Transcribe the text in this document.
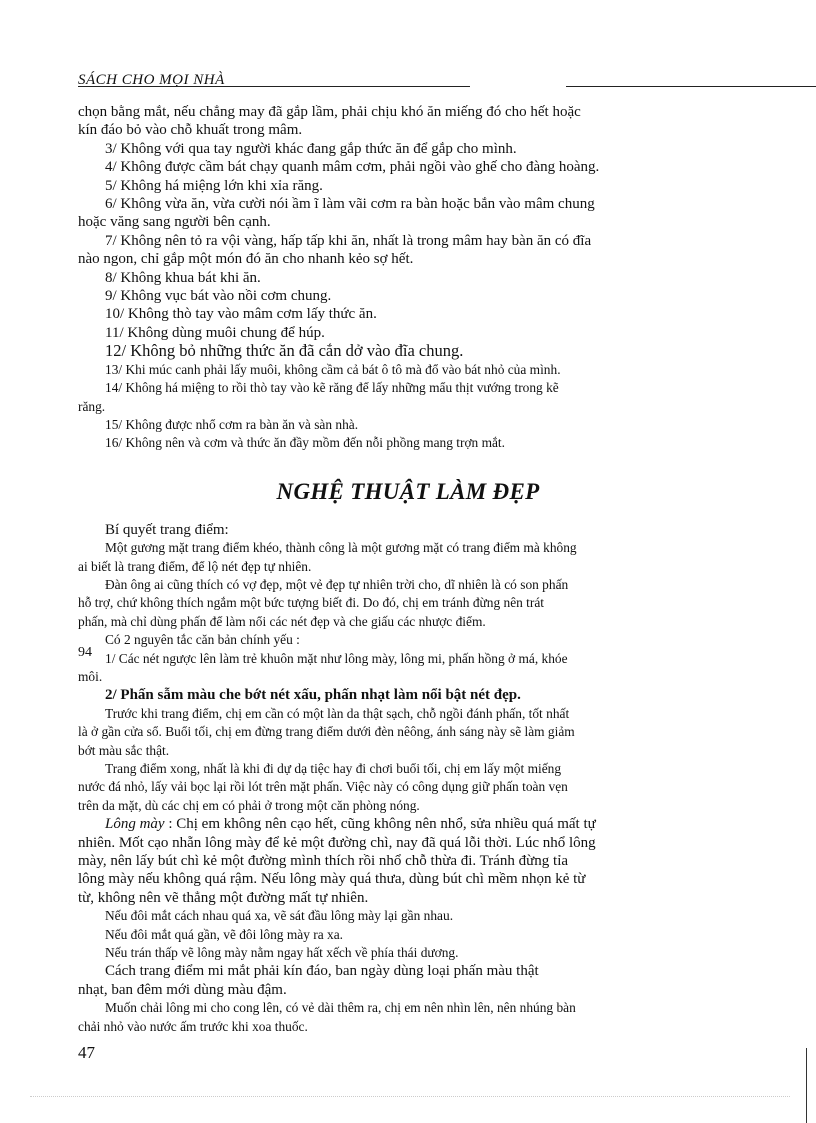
SÁCH CHO MỌI NHÀ
chọn bằng mắt, nếu chẳng may đã gắp lầm, phải chịu khó ăn miếng đó cho hết hoặc
kín đáo bỏ vào chỗ khuất trong mâm.
3/ Không với qua tay người khác đang gắp thức ăn để gắp cho mình.
4/ Không được cầm bát chạy quanh mâm cơm, phải ngồi vào ghế cho đàng hoàng.
5/ Không há miệng lớn khi xỉa răng.
6/ Không vừa ăn, vừa cười nói ầm ĩ làm vãi cơm ra bàn hoặc bắn vào mâm chung
hoặc văng sang người bên cạnh.
7/ Không nên tỏ ra vội vàng, hấp tấp khi ăn, nhất là trong mâm hay bàn ăn có đĩa
nào ngon, chỉ gắp một món đó ăn cho nhanh kẻo sợ hết.
8/ Không khua bát khi ăn.
9/ Không vục bát vào nồi cơm chung.
10/ Không thò tay vào mâm cơm lấy thức ăn.
11/ Không dùng muôi chung để húp.
12/ Không bỏ những thức ăn đã cắn dở vào đĩa chung.
13/ Khi múc canh phải lấy muôi, không cầm cả bát ô tô mà đổ vào bát nhỏ của mình.
14/ Không há miệng to rồi thò tay vào kẽ răng để lấy những mẩu thịt vướng trong kẽ
răng.
15/ Không được nhổ cơm ra bàn ăn và sàn nhà.
16/ Không nên và cơm và thức ăn đầy mồm đến nỗi phồng mang trợn mắt.
NGHỆ THUẬT LÀM ĐẸP
Bí quyết trang điểm:
Một gương mặt trang điểm khéo, thành công là một gương mặt có trang điểm mà không
ai biết là trang điểm, để lộ nét đẹp tự nhiên.
Đàn ông ai cũng thích có vợ đẹp, một vẻ đẹp tự nhiên trời cho, dĩ nhiên là có son phấn
hỗ trợ, chứ không thích ngắm một bức tượng biết đi. Do đó, chị em tránh đừng nên trát
phấn, mà chỉ dùng phấn để làm nổi các nét đẹp và che giấu các nhược điểm.
Có 2 nguyên tắc căn bản chính yếu :
1/ Các nét ngược lên làm trẻ khuôn mặt như lông mày, lông mi, phấn hồng ở má, khóe
môi.
2/ Phấn sẫm màu che bớt nét xấu, phấn nhạt làm nổi bật nét đẹp.
Trước khi trang điểm, chị em cần có một làn da thật sạch, chỗ ngồi đánh phấn, tốt nhất
là ở gần cửa sổ. Buổi tối, chị em đừng trang điểm dưới đèn nêông, ánh sáng này sẽ làm giảm
bớt màu sắc thật.
Trang điểm xong, nhất là khi đi dự dạ tiệc hay đi chơi buổi tối, chị em lấy một miếng
nước đá nhỏ, lấy vải bọc lại rồi lót trên mặt phấn. Việc này có công dụng giữ phấn toàn vẹn
trên da mặt, dù các chị em có phải ở trong một căn phòng nóng.
Lông mày : Chị em không nên cạo hết, cũng không nên nhổ, sửa nhiều quá mất tự
nhiên. Mốt cạo nhẵn lông mày để kẻ một đường chì, nay đã quá lỗi thời. Lúc nhổ lông
mày, nên lấy bút chì kẻ một đường mình thích rồi nhổ chỗ thừa đi. Tránh đừng tỉa
lông mày nếu không quá rậm. Nếu lông mày quá thưa, dùng bút chì mềm nhọn kẻ từ
từ, không nên vẽ thẳng một đường mất tự nhiên.
Nếu đôi mắt cách nhau quá xa, vẽ sát đầu lông mày lại gần nhau.
Nếu đôi mắt quá gần, vẽ đôi lông mày ra xa.
Nếu trán thấp vẽ lông mày nằm ngay hất xếch về phía thái dương.
Cách trang điểm mi mắt phải kín đáo, ban ngày dùng loại phấn màu thật
nhạt, ban đêm mới dùng màu đậm.
Muốn chải lông mi cho cong lên, có vẻ dài thêm ra, chị em nên nhìn lên, nên nhúng bàn
chải nhỏ vào nước ấm trước khi xoa thuốc.
94
47
